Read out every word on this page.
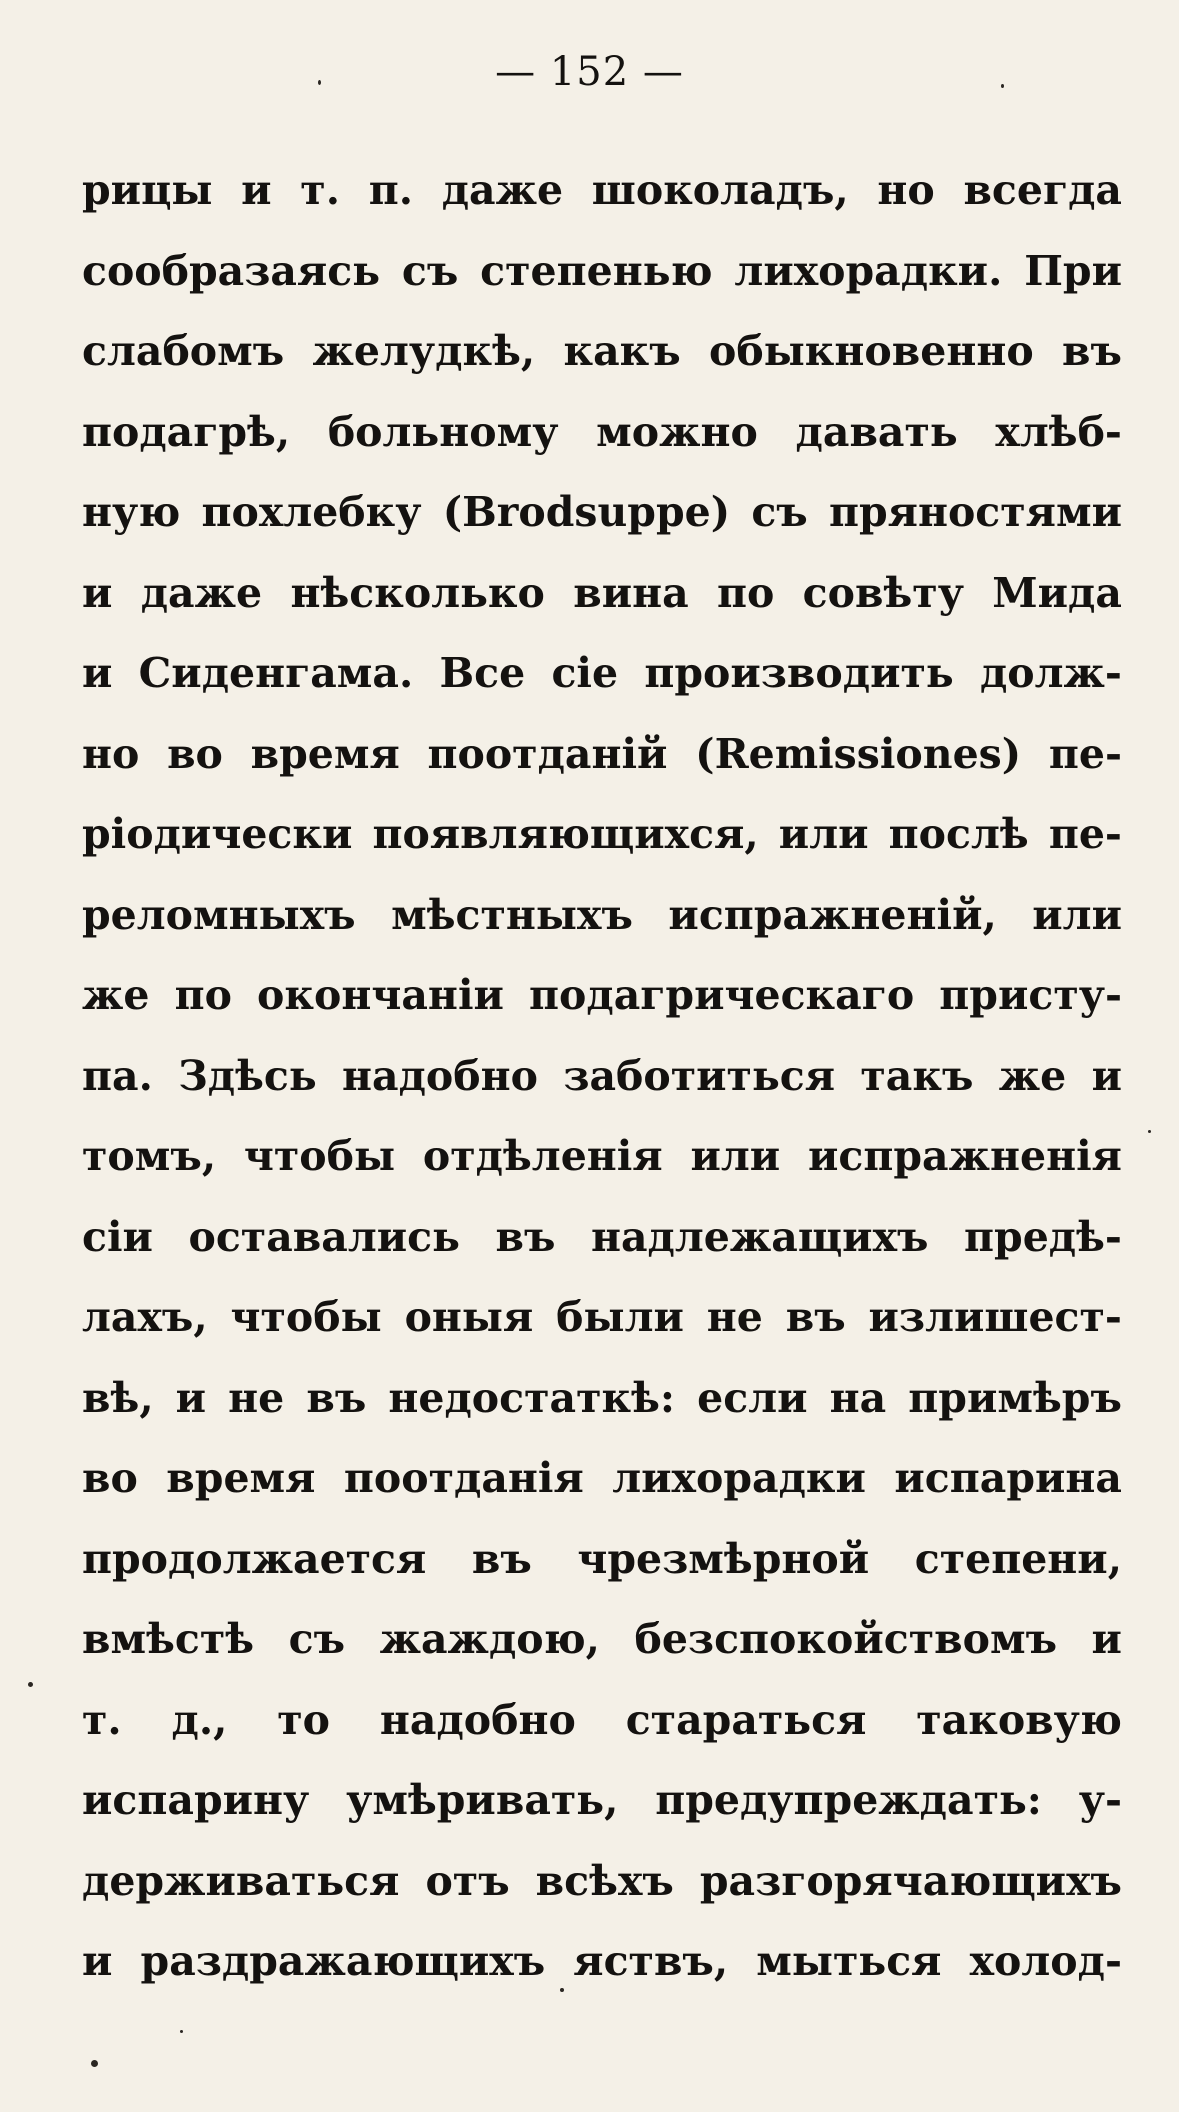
— 152 —
рицы и т. п. даже шоколадъ, но всегда
сообразаясь съ степенью лихорадки. При
слабомъ желудкѣ, какъ обыкновенно въ
подагрѣ, больному можно давать хлѣб-
ную похлебку (Brodsuppe) съ пряностями
и даже нѣсколько вина по совѣту Мида
и Сиденгама. Все сіе производить долж-
но во время поотданій (Remissiones) пе-
ріодически появляющихся, или послѣ пе-
реломныхъ мѣстныхъ испражненій, или
же по окончаніи подагрическаго присту-
па. Здѣсь надобно заботиться такъ же и
томъ, чтобы отдѣленія или испражненія
сіи оставались въ надлежащихъ предѣ-
лахъ, чтобы оныя были не въ излишест-
вѣ, и не въ недостаткѣ: если на примѣръ
во время поотданія лихорадки испарина
продолжается въ чрезмѣрной степени,
вмѣстѣ съ жаждою, безспокойствомъ и
т. д., то надобно стараться таковую
испарину умѣривать, предупреждать: у-
держиваться отъ всѣхъ разгорячающихъ
и раздражающихъ яствъ, мыться холод-
